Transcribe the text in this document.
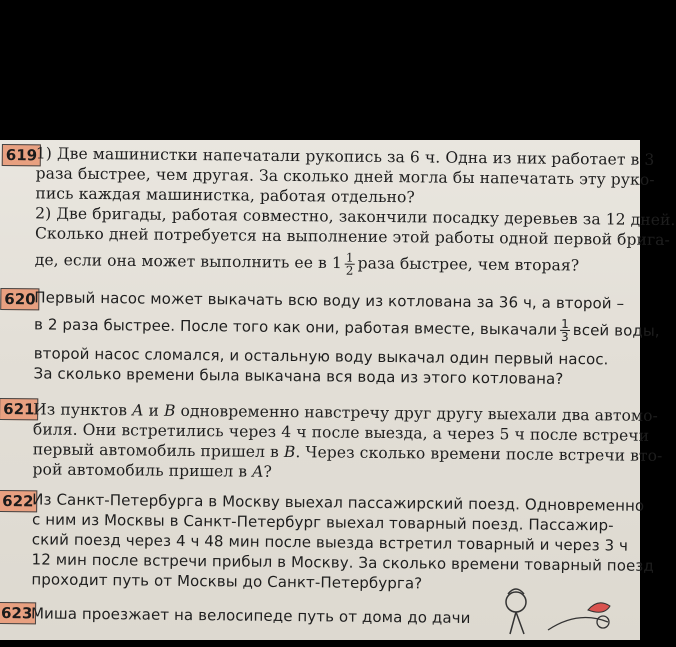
619
1) Две машинистки напечатали рукопись за 6 ч. Одна из них работает в 3
раза быстрее, чем другая. За сколько дней могла бы напечатать эту руко-
пись каждая машинистка, работая отдельно?
2) Две бригады, работая совместно, закончили посадку деревьев за 12 дней.
Сколько дней потребуется на выполнение этой работы одной первой брига-
де, если она может выполнить ее в $1 \frac{1}{2}$ раза быстрее, чем вторая?
620
Первый насос может выкачать всю воду из котлована за 36 ч, а второй –
в 2 раза быстрее. После того как они, работая вместе, выкачали $\frac{1}{3}$ всей воды,
второй насос сломался, и остальную воду выкачал один первый насос.
За сколько времени была выкачана вся вода из этого котлована?
621
Из пунктов A и B одновременно навстречу друг другу выехали два автомо-
биля. Они встретились через 4 ч после выезда, а через 5 ч после встречи
первый автомобиль пришел в B. Через сколько времени после встречи вто-
рой автомобиль пришел в A?
622
Из Санкт-Петербурга в Москву выехал пассажирский поезд. Одновременно
с ним из Москвы в Санкт-Петербург выехал товарный поезд. Пассажир-
ский поезд через 4 ч 48 мин после выезда встретил товарный и через 3 ч
12 мин после встречи прибыл в Москву. За сколько времени товарный поезд
проходит путь от Москвы до Санкт-Петербурга?
623
Миша проезжает на велосипеде путь от дома до дачи
